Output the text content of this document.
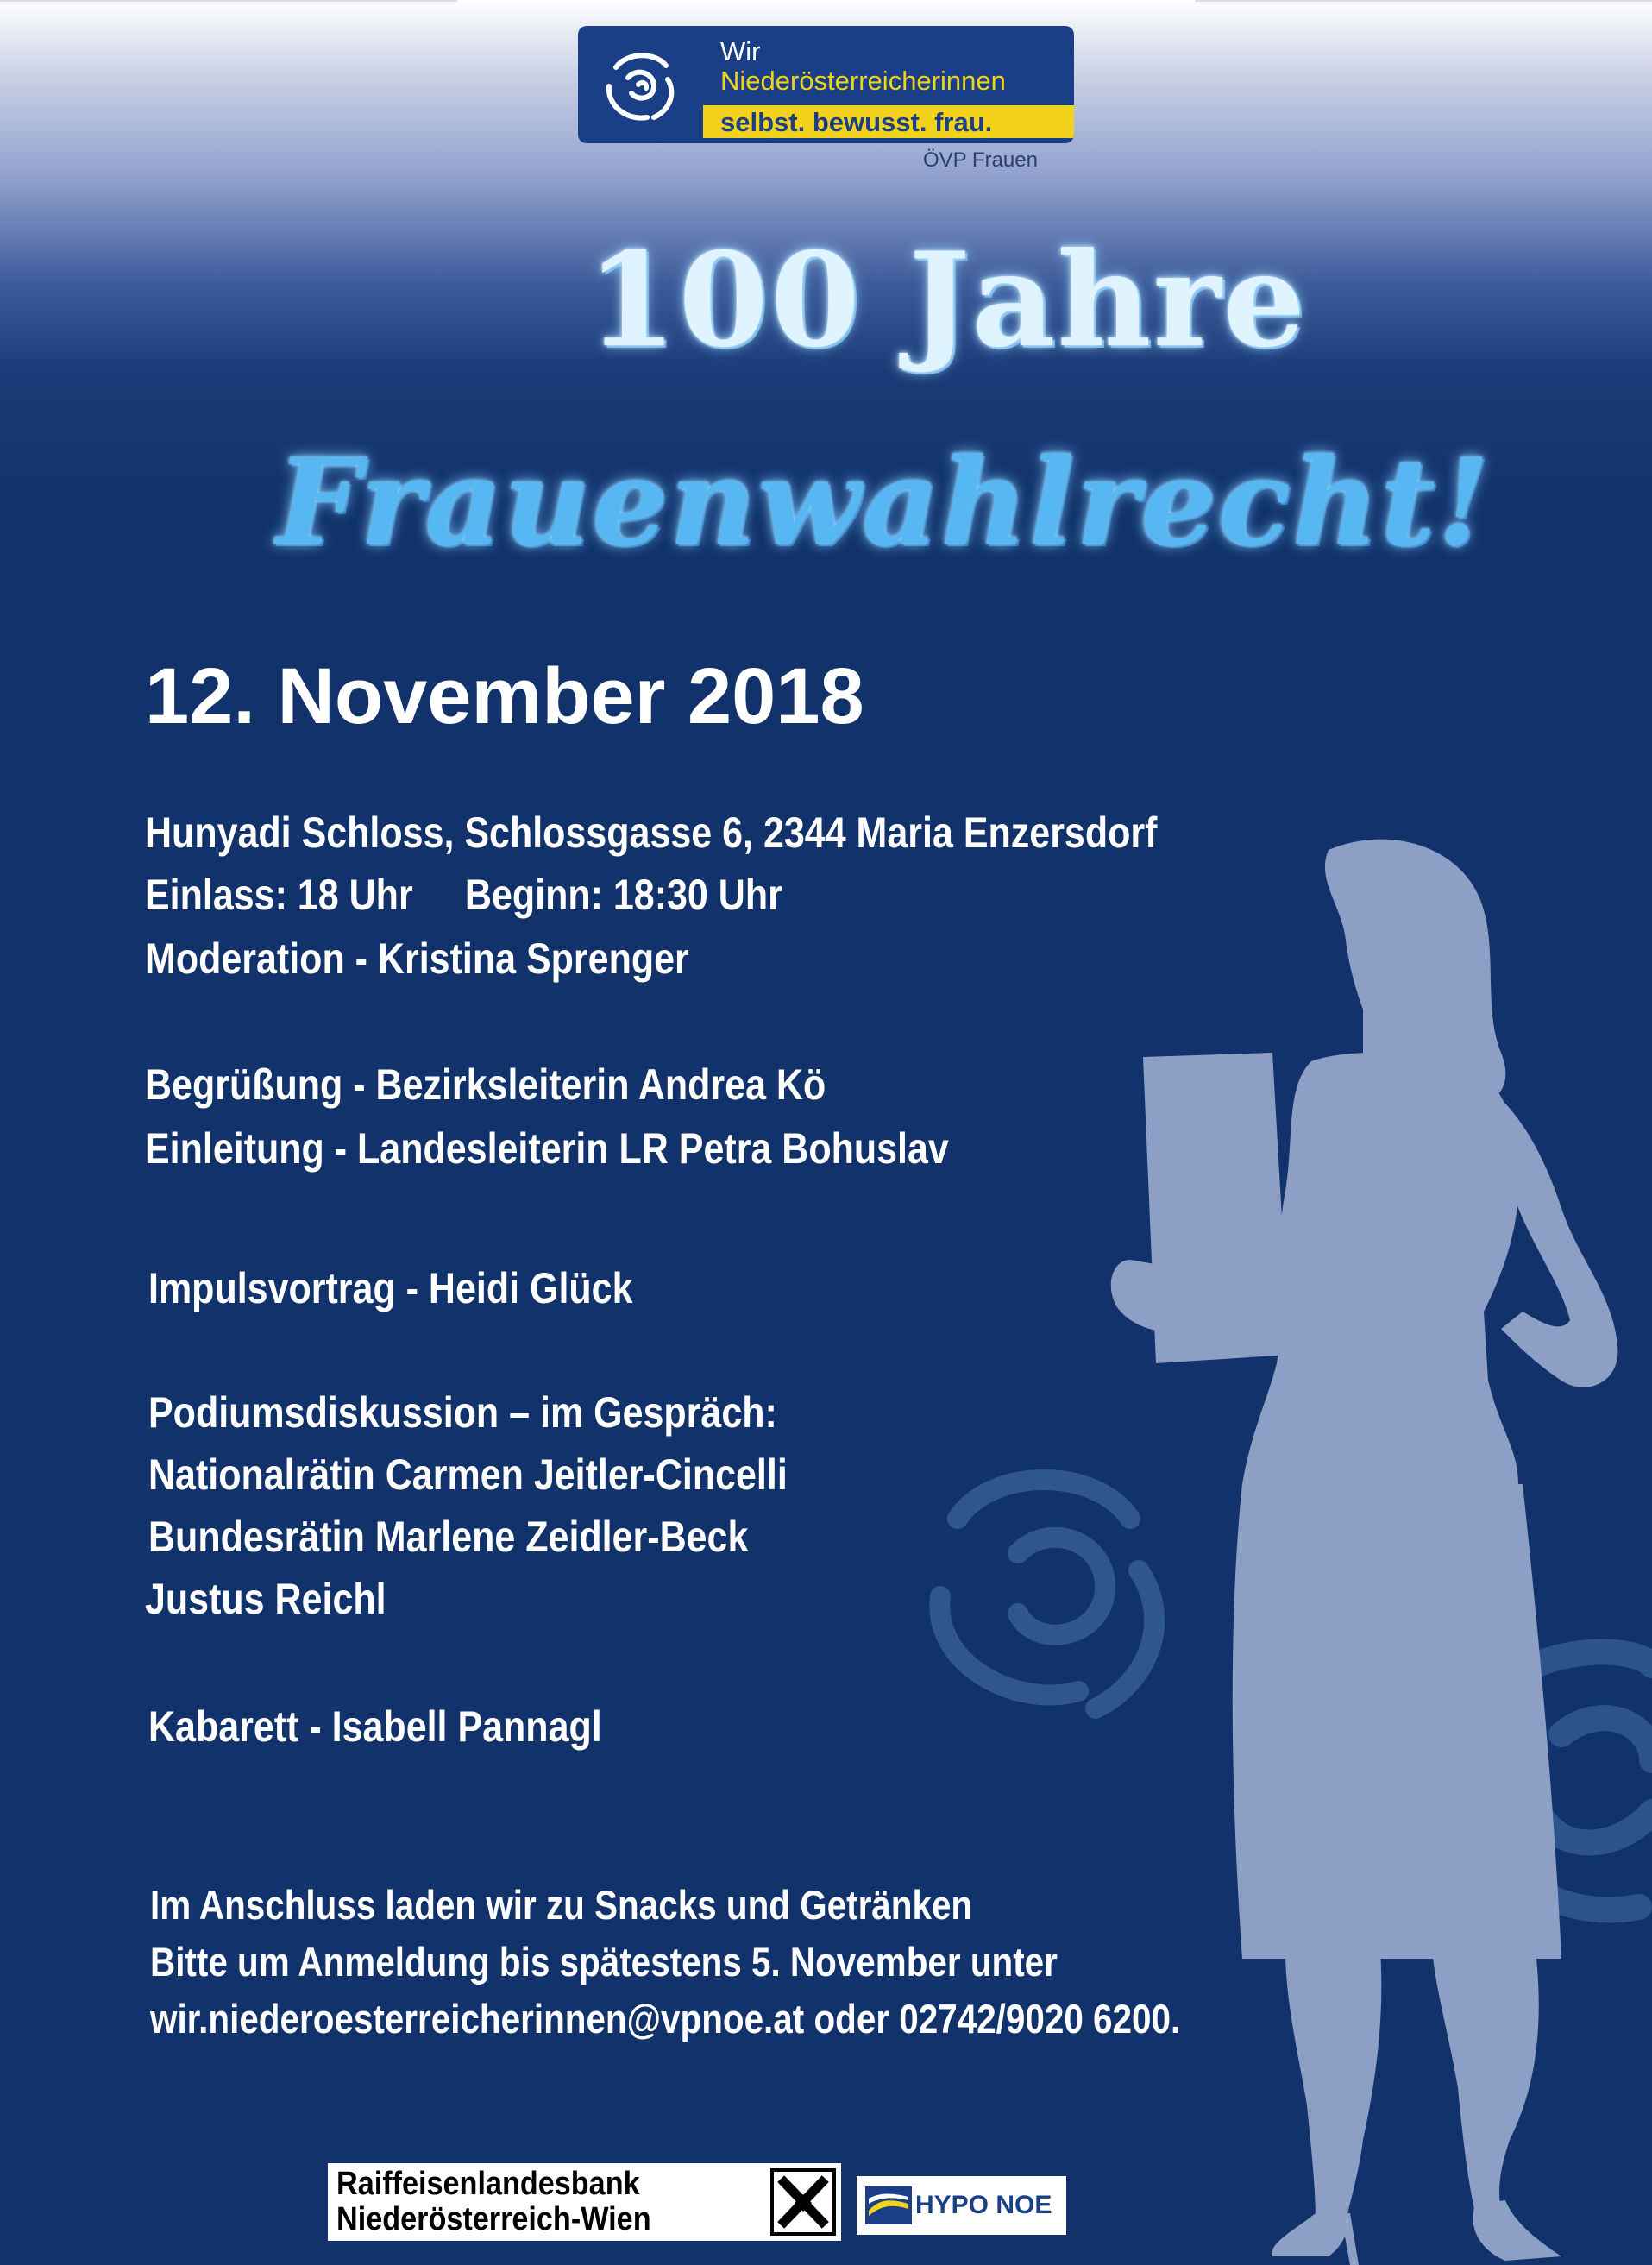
Wir
Niederösterreicherinnen
selbst. bewusst. frau.
ÖVP Frauen
100 Jahre
Frauenwahlrecht!
12. November 2018

Hunyadi Schloss, Schlossgasse 6, 2344 Maria Enzersdorf

Einlass: 18 Uhr Beginn: 18:30 Uhr

Moderation - Kristina Sprenger

Begrüßung - Bezirksleiterin Andrea Kö

Einleitung - Landesleiterin LR Petra Bohuslav

Impulsvortrag - Heidi Glück

Podiumsdiskussion – im Gespräch:

Nationalrätin Carmen Jeitler-Cincelli

Bundesrätin Marlene Zeidler-Beck

Justus Reichl

Kabarett - Isabell Pannagl

Im Anschluss laden wir zu Snacks und Getränken

Bitte um Anmeldung bis spätestens 5. November unter

wir.niederoesterreicherinnen@vpnoe.at oder 02742/9020 6200.

Raiffeisenlandesbank
Niederösterreich-Wien	HYPO NOE
